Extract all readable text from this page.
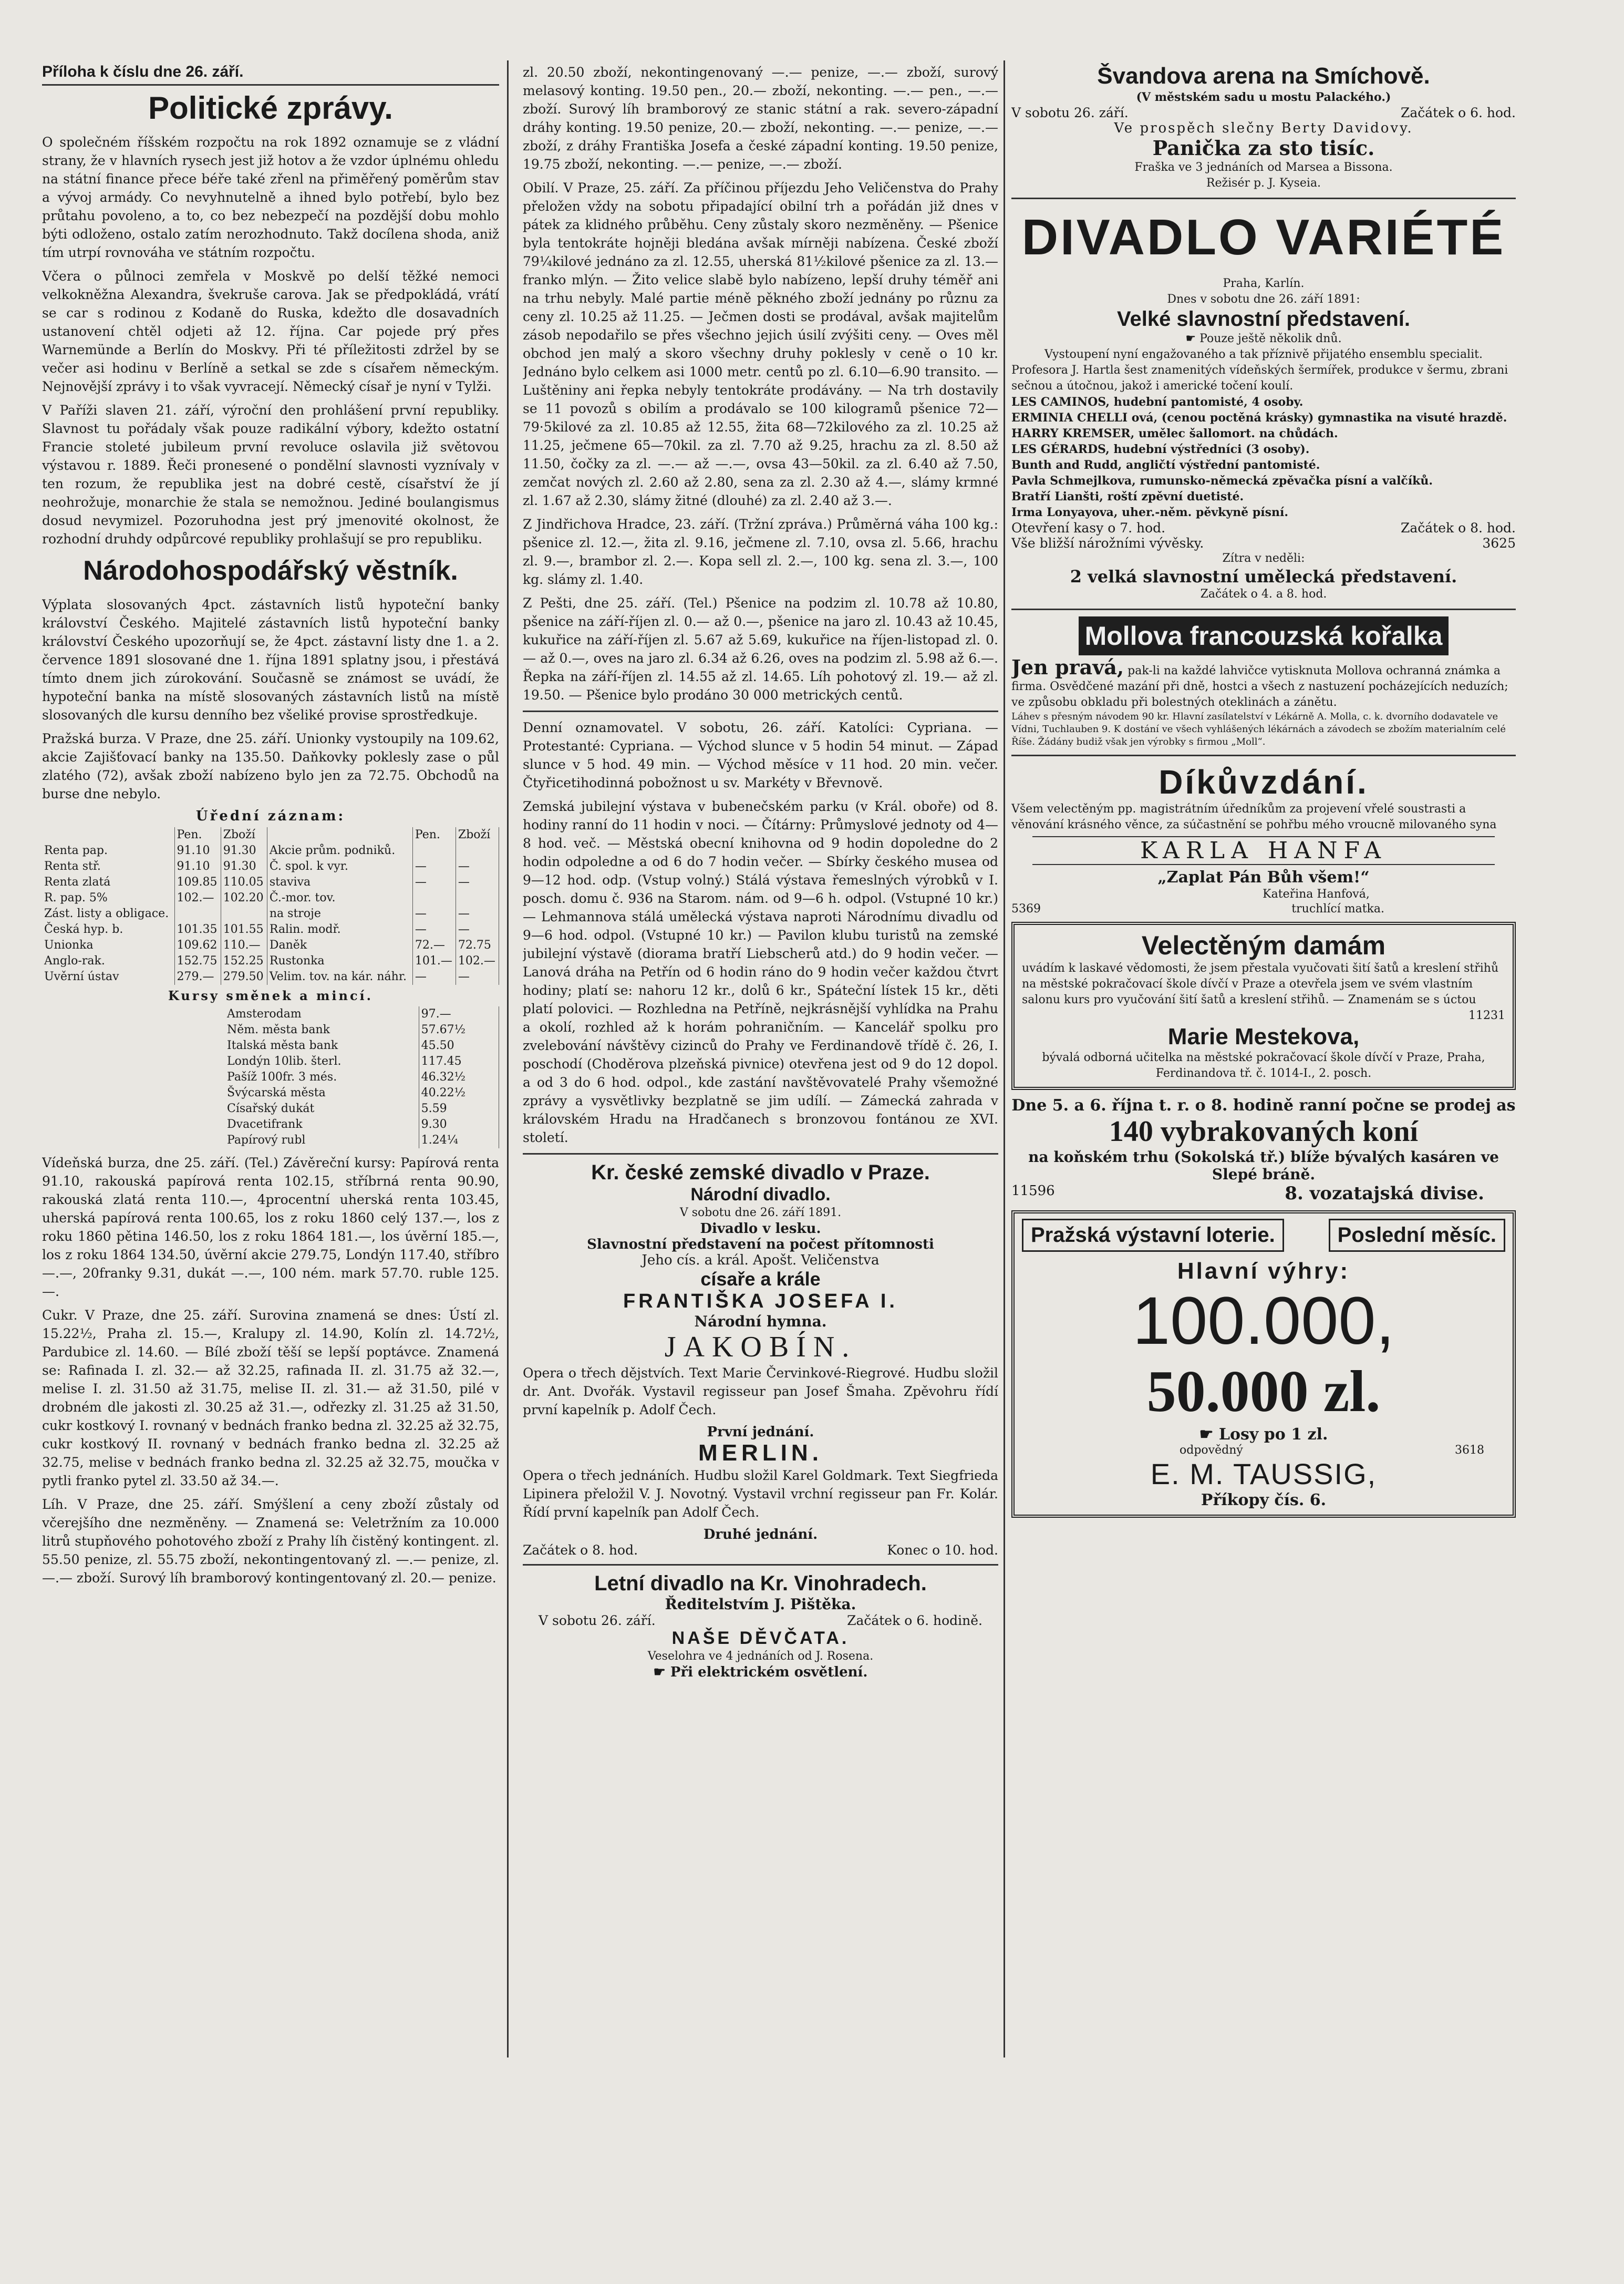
Příloha k číslu dne 26. září.
Politické zprávy.

O společném říšském rozpočtu na rok 1892 oznamuje se z vládní strany, že v hlavních rysech jest již hotov a že vzdor úplnému ohledu na státní finance přece béře také zřenl na přiměřený poměrům stav a vývoj armády. Co nevyhnutelně a ihned bylo potřebí, bylo bez průtahu povoleno, a to, co bez nebezpečí na pozdější dobu mohlo býti odloženo, ostalo zatím nerozhodnuto. Takž docílena shoda, aniž tím utrpí rovnováha ve státním rozpočtu.

Včera o půlnoci zemřela v Moskvě po delší těžké nemoci velkokněžna Alexandra, švekruše carova. Jak se předpokládá, vrátí se car s rodinou z Kodaně do Ruska, kdežto dle dosavadních ustanovení chtěl odjeti až 12. října. Car pojede prý přes Warnemünde a Berlín do Moskvy. Při té příležitosti zdržel by se večer asi hodinu v Berlíně a setkal se zde s císařem německým. Nejnovější zprávy i to však vyvracejí. Německý císař je nyní v Tylži.

V Paříži slaven 21. září, výroční den prohlášení první republiky. Slavnost tu pořádaly však pouze radikální výbory, kdežto ostatní Francie stoleté jubileum první revoluce oslavila již světovou výstavou r. 1889. Řeči pronesené o pondělní slavnosti vyznívaly v ten rozum, že republika jest na dobré cestě, císařství že jí neohrožuje, monarchie že stala se nemožnou. Jediné boulangismus dosud nevymizel. Pozoruhodna jest prý jmenovité okolnost, že rozhodní druhdy odpůrcové republiky prohlašují se pro republiku.

Národohospodářský věstník.

Výplata slosovaných 4pct. zástavních listů hypoteční banky království Českého. Majitelé zástavních listů hypoteční banky království Českého upozorňují se, že 4pct. zástavní listy dne 1. a 2. července 1891 slosované dne 1. října 1891 splatny jsou, i přestává tímto dnem jich zúrokování. Současně se známost se uvádí, že hypoteční banka na místě slosovaných zástavních listů na místě slosovaných dle kursu denního bez všeliké provise sprostředkuje.

Pražská burza. V Praze, dne 25. září. Unionky vystoupily na 109.62, akcie Zajišťovací banky na 135.50. Daňkovky poklesly zase o půl zlatého (72), avšak zboží nabízeno bylo jen za 72.75. Obchodů na burse dne nebylo.

Úřední záznam:
	Pen.	Zboží		Pen.	Zboží
Renta pap.	91.10	91.30	Akcie prům. podniků.		
Renta stř.	91.10	91.30	Č. spol. k vyr.	—	—
Renta zlatá	109.85	110.05	staviva	—	—
R. pap. 5%	102.—	102.20	Č.-mor. tov.		
Zást. listy a obligace.			na stroje	—	—
Česká hyp. b.	101.35	101.55	Ralin. modř.	—	—
Unionka	109.62	110.—	Daněk	72.—	72.75
Anglo-rak.	152.75	152.25	Rustonka	101.—	102.—
Uvěrní ústav	279.—	279.50	Velim. tov. na kár. náhr.	—	—
Kursy směnek a mincí.
Amsterodam	97.—
Něm. města bank	57.67½
Italská města bank	45.50
Londýn 10lib. šterl.	117.45
Pašíž 100fr. 3 més.	46.32½
Švýcarská města	40.22½
Císařský dukát	5.59
Dvacetifrank	9.30
Papírový rubl	1.24¼

Vídeňská burza, dne 25. září. (Tel.) Závěreční kursy: Papírová renta 91.10, rakouská papírová renta 102.15, stříbrná renta 90.90, rakouská zlatá renta 110.—, 4procentní uherská renta 103.45, uherská papírová renta 100.65, los z roku 1860 celý 137.—, los z roku 1860 pětina 146.50, los z roku 1864 181.—, los úvěrní 185.—, los z roku 1864 134.50, úvěrní akcie 279.75, Londýn 117.40, stříbro —.—, 20franky 9.31, dukát —.—, 100 ném. mark 57.70. ruble 125.—.

Cukr. V Praze, dne 25. září. Surovina znamená se dnes: Ústí zl. 15.22½, Praha zl. 15.—, Kralupy zl. 14.90, Kolín zl. 14.72½, Pardubice zl. 14.60. — Bílé zboží těší se lepší poptávce. Znamená se: Rafinada I. zl. 32.— až 32.25, rafinada II. zl. 31.75 až 32.—, melise I. zl. 31.50 až 31.75, melise II. zl. 31.— až 31.50, pilé v drobném dle jakosti zl. 30.25 až 31.—, odřezky zl. 31.25 až 31.50, cukr kostkový I. rovnaný v bednách franko bedna zl. 32.25 až 32.75, cukr kostkový II. rovnaný v bednách franko bedna zl. 32.25 až 32.75, melise v bednách franko bedna zl. 32.25 až 32.75, moučka v pytli franko pytel zl. 33.50 až 34.—.

Líh. V Praze, dne 25. září. Smýšlení a ceny zboží zůstaly od včerejšího dne nezměněny. — Znamená se: Veletržním za 10.000 litrů stupňového pohotového zboží z Prahy líh čistěný kontingent. zl. 55.50 penize, zl. 55.75 zboží, nekontingentovaný zl. —.— penize, zl. —.— zboží. Surový líh bramborový kontingentovaný zl. 20.— penize.

zl. 20.50 zboží, nekontingenovaný —.— penize, —.— zboží, surový melasový konting. 19.50 pen., 20.— zboží, nekonting. —.— pen., —.— zboží. Surový líh bramborový ze stanic státní a rak. severo-západní dráhy konting. 19.50 penize, 20.— zboží, nekonting. —.— penize, —.— zboží, z dráhy Františka Josefa a české západní konting. 19.50 penize, 19.75 zboží, nekonting. —.— penize, —.— zboží.

Obilí. V Praze, 25. září. Za příčinou příjezdu Jeho Veličenstva do Prahy přeložen vždy na sobotu připadající obilní trh a pořádán již dnes v pátek za klidného průběhu. Ceny zůstaly skoro nezměněny. — Pšenice byla tentokráte hojněji bledána avšak mírněji nabízena. České zboží 79¼kilové jednáno za zl. 12.55, uherská 81½kilové pšenice za zl. 13.— franko mlýn. — Žito velice slabě bylo nabízeno, lepší druhy téměř ani na trhu nebyly. Malé partie méně pěkného zboží jednány po různu za ceny zl. 10.25 až 11.25. — Ječmen dosti se prodával, avšak majitelům zásob nepodařilo se přes všechno jejich úsilí zvýšiti ceny. — Oves měl obchod jen malý a skoro všechny druhy poklesly v ceně o 10 kr. Jednáno bylo celkem asi 1000 metr. centů po zl. 6.10—6.90 transito. — Luštěniny ani řepka nebyly tentokráte prodávány. — Na trh dostavily se 11 povozů s obilím a prodávalo se 100 kilogramů pšenice 72—79·5kilové za zl. 10.85 až 12.55, žita 68—72kilového za zl. 10.25 až 11.25, ječmene 65—70kil. za zl. 7.70 až 9.25, hrachu za zl. 8.50 až 11.50, čočky za zl. —.— až —.—, ovsa 43—50kil. za zl. 6.40 až 7.50, zemčat nových zl. 2.60 až 2.80, sena za zl. 2.30 až 4.—, slámy krmné zl. 1.67 až 2.30, slámy žitné (dlouhé) za zl. 2.40 až 3.—.

Z Jindřichova Hradce, 23. září. (Tržní zpráva.) Průměrná váha 100 kg.: pšenice zl. 12.—, žita zl. 9.16, ječmene zl. 7.10, ovsa zl. 5.66, hrachu zl. 9.—, brambor zl. 2.—. Kopa sell zl. 2.—, 100 kg. sena zl. 3.—, 100 kg. slámy zl. 1.40.

Z Pešti, dne 25. září. (Tel.) Pšenice na podzim zl. 10.78 až 10.80, pšenice na září-říjen zl. 0.— až 0.—, pšenice na jaro zl. 10.43 až 10.45, kukuřice na září-říjen zl. 5.67 až 5.69, kukuřice na říjen-listopad zl. 0.— až 0.—, oves na jaro zl. 6.34 až 6.26, oves na podzim zl. 5.98 až 6.—. Řepka na září-říjen zl. 14.55 až zl. 14.65. Líh pohotový zl. 19.— až zl. 19.50. — Pšenice bylo prodáno 30 000 metrických centů.

Denní oznamovatel. V sobotu, 26. září. Katolíci: Cypriana. — Protestanté: Cypriana. — Východ slunce v 5 hodin 54 minut. — Západ slunce v 5 hod. 49 min. — Východ měsíce v 11 hod. 20 min. večer. Čtyřicetihodinná pobožnost u sv. Markéty v Břevnově.

Zemská jubilejní výstava v bubenečském parku (v Král. oboře) od 8. hodiny ranní do 11 hodin v noci. — Čítárny: Průmyslové jednoty od 4—8 hod. več. — Městská obecní knihovna od 9 hodin dopoledne do 2 hodin odpoledne a od 6 do 7 hodin večer. — Sbírky českého musea od 9—12 hod. odp. (Vstup volný.) Stálá výstava řemeslných výrobků v I. posch. domu č. 936 na Starom. nám. od 9—6 h. odpol. (Vstupné 10 kr.) — Lehmannova stálá umělecká výstava naproti Národnímu divadlu od 9—6 hod. odpol. (Vstupné 10 kr.) — Pavilon klubu turistů na zemské jubilejní výstavě (diorama bratří Liebscherů atd.) do 9 hodin večer. — Lanová dráha na Petřín od 6 hodin ráno do 9 hodin večer každou čtvrt hodiny; platí se: nahoru 12 kr., dolů 6 kr., Spáteční lístek 15 kr., děti platí polovici. — Rozhledna na Petříně, nejkrásnější vyhlídka na Prahu a okolí, rozhled až k horám pohraničním. — Kancelář spolku pro zvelebování návštěvy cizinců do Prahy ve Ferdinandově třídě č. 26, I. poschodí (Choděrova plzeňská pivnice) otevřena jest od 9 do 12 dopol. a od 3 do 6 hod. odpol., kde zastání navštěvovatelé Prahy všemožné zprávy a vysvětlivky bezplatně se jim udílí. — Zámecká zahrada v královském Hradu na Hradčanech s bronzovou fontánou ze XVI. století.

Kr. české zemské divadlo v Praze.
Národní divadlo.
V sobotu dne 26. září 1891.
Divadlo v lesku.
Slavnostní představení na počest přítomnosti
Jeho cís. a král. Apošt. Veličenstva
císaře a krále
FRANTIŠKA JOSEFA I.
Národní hymna.
JAKOBÍN.

Opera o třech dějstvích. Text Marie Červinkové-Riegrové. Hudbu složil dr. Ant. Dvořák. Vystavil regisseur pan Josef Šmaha. Zpěvohru řídí první kapelník p. Adolf Čech.

První jednání.
MERLIN.

Opera o třech jednáních. Hudbu složil Karel Goldmark. Text Siegfrieda Lipinera přeložil V. J. Novotný. Vystavil vrchní regisseur pan Fr. Kolár. Řídí první kapelník pan Adolf Čech.

Druhé jednání.
Začátek o 8. hod.	Konec o 10. hod.
Letní divadlo na Kr. Vinohradech.
Ředitelstvím J. Pištěka.
V sobotu 26. září.	Začátek o 6. hodině.
NAŠE DĚVČATA.
Veselohra ve 4 jednáních od J. Rosena.
☛ Při elektrickém osvětlení.
Švandova arena na Smíchově.
(V městském sadu u mostu Palackého.)
V sobotu 26. září.	Začátek o 6. hod.
Ve prospěch slečny Berty Davidovy.
Panička za sto tisíc.
Fraška ve 3 jednáních od Marsea a Bissona.
Režisér p. J. Kyseia.
DIVADLO VARIÉTÉ
Praha, Karlín.
Dnes v sobotu dne 26. září 1891:
Velké slavnostní představení.
☛ Pouze ještě několik dnů.
Vystoupení nyní engažovaného a tak příznivě přijatého ensemblu specialit.
Profesora J. Hartla šest znamenitých vídeňských šermířek, produkce v šermu, zbrani sečnou a útočnou, jakož i americké točení koulí.
LES CAMINOS, hudební pantomisté, 4 osoby.
ERMINIA CHELLI ová, (cenou poctěná krásky) gymnastika na visuté hrazdě.
HARRY KREMSER, umělec šallomort. na chůdách.
LES GÉRARDS, hudební výstředníci (3 osoby).
Bunth and Rudd, angličtí výstřední pantomisté.
Pavla Schmejlkova, rumunsko-německá zpěvačka písní a valčíků.
Bratří Lianšti, roští zpěvní duetisté.
Irma Lonyayova, uher.-něm. pěvkyně písní.
Otevření kasy o 7. hod.	Začátek o 8. hod.
Vše bližší nárožními vývěsky.	3625
Zítra v neděli:
2 velká slavnostní umělecká představení.
Začátek o 4. a 8. hod.
Mollova francouzská kořalka
Jen pravá, pak-li na každé lahvičce vytisknuta Mollova ochranná známka a firma. Osvědčené mazání při dně, hostci a všech z nastuzení pocházejících neduzích; ve způsobu obkladu při bolestných oteklinách a zánětu.
Láhev s přesným návodem 90 kr. Hlavní zasílatelství v Lékárně A. Molla, c. k. dvorního dodavatele ve Vídni, Tuchlauben 9. K dostání ve všech vyhlášených lékárnách a závodech se zbožím materialním celé Říše. Žádány budiž však jen výrobky s firmou „Moll“.
Díkůvzdání.
Všem velectěným pp. magistrátním úředníkům za projevení vřelé soustrasti a věnování krásného věnce, za súčastnění se pohřbu mého vroucně milovaného syna
KARLA HANFA
„Zaplat Pán Bůh všem!“
Kateřina Hanfová,
5369	truchlící matka.
Velectěným damám
uvádím k laskavé vědomosti, že jsem přestala vyučovati šití šatů a kreslení střihů na městské pokračovací škole dívčí v Praze a otevřela jsem ve svém vlastním salonu kurs pro vyučování šití šatů a kreslení střihů. — Znamenám se s úctou
11231
Marie Mestekova,
bývalá odborná učitelka na městské pokračovací škole dívčí v Praze, Praha, Ferdinandova tř. č. 1014-I., 2. posch.
Dne 5. a 6. října t. r. o 8. hodině ranní počne se prodej as
140 vybrakovaných koní
na koňském trhu (Sokolská tř.) blíže bývalých kasáren ve Slepé bráně.
11596	8. vozatajská divise.
Pražská výstavní loterie.	Poslední měsíc.
Hlavní výhry:
100.000,
50.000 zl.
☛ Losy po 1 zl.
odpovědný	3618
E. M. TAUSSIG,
Příkopy čís. 6.
